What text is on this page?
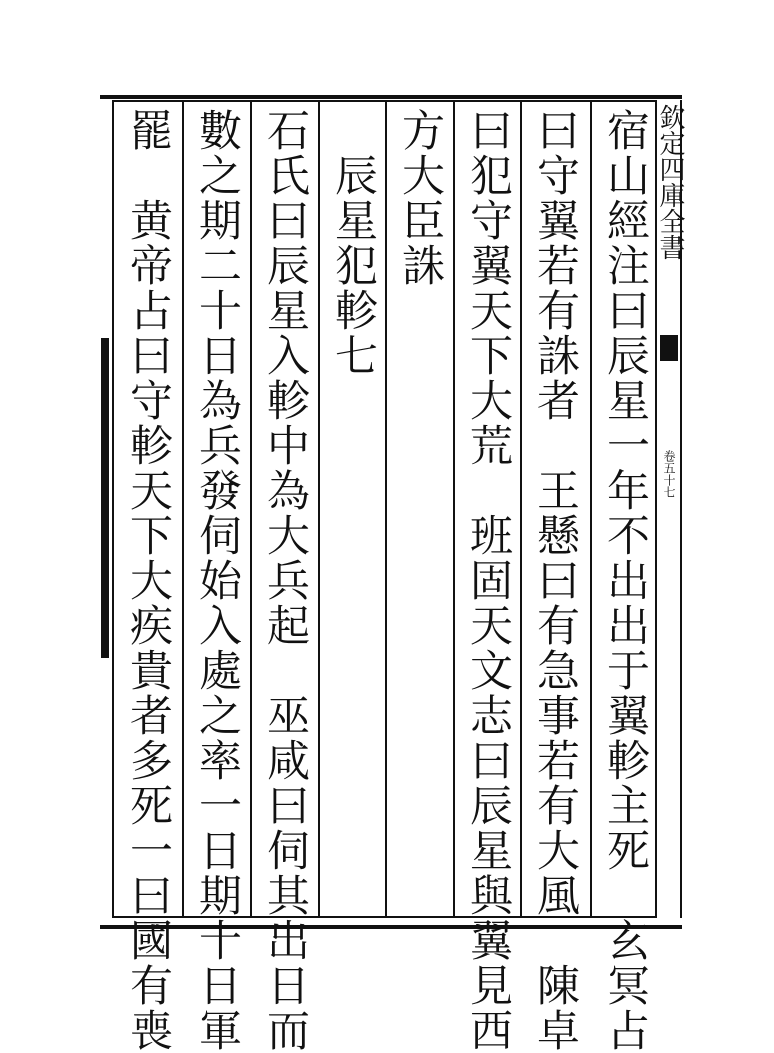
宿山經注曰辰星一年不出出于翼軫主死　玄冥占
曰守翼若有誅者　王懸曰有急事若有大風　陳卓
曰犯守翼天下大荒　班固天文志曰辰星與翼見西
方大臣誅
　辰星犯軫七
石氏曰辰星入軫中為大兵起　巫咸曰伺其出日而
數之期二十日為兵發伺始入處之率一日期十日軍
罷　黄帝占曰守軫天下大疾貴者多死一曰國有喪	欽定四庫全書
卷五十七
